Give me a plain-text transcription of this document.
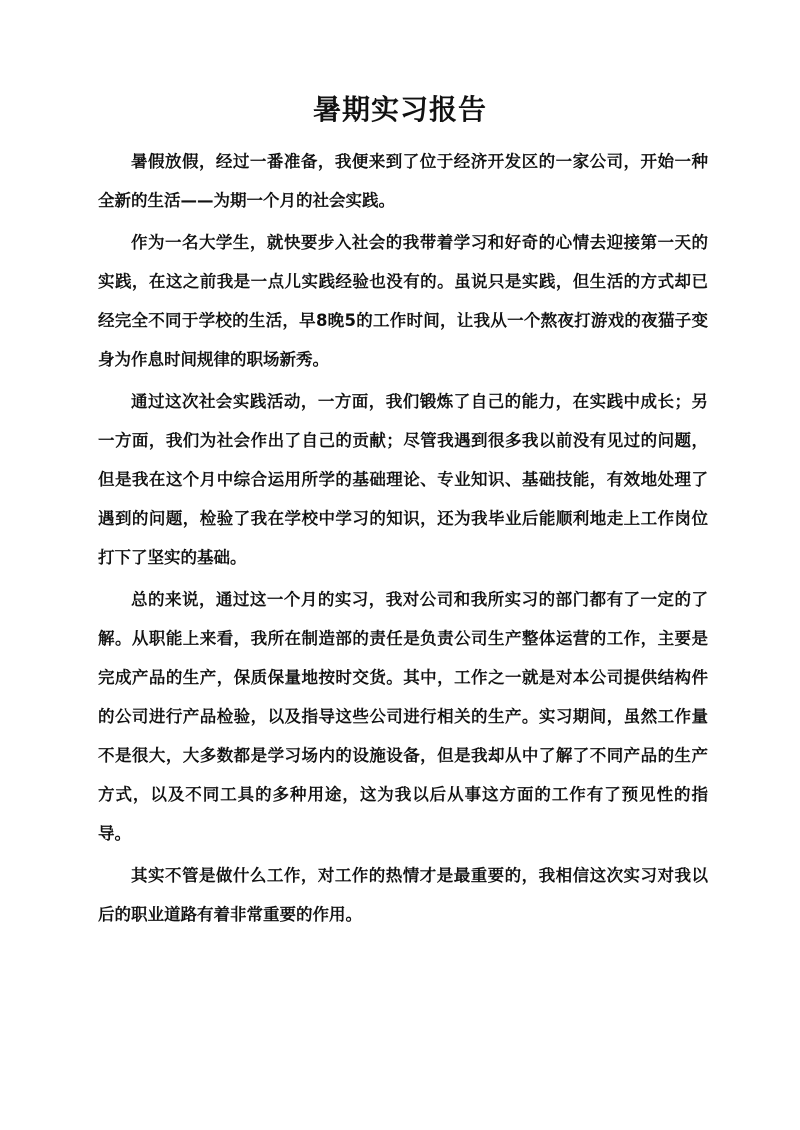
暑期实习报告

暑假放假，经过一番准备，我便来到了位于经济开发区的一家公司，开始一种全新的生活——为期一个月的社会实践。

作为一名大学生，就快要步入社会的我带着学习和好奇的心情去迎接第一天的实践，在这之前我是一点儿实践经验也没有的。虽说只是实践，但生活的方式却已经完全不同于学校的生活，早8晚5的工作时间，让我从一个熬夜打游戏的夜猫子变身为作息时间规律的职场新秀。

通过这次社会实践活动，一方面，我们锻炼了自己的能力，在实践中成长；另一方面，我们为社会作出了自己的贡献；尽管我遇到很多我以前没有见过的问题，但是我在这个月中综合运用所学的基础理论、专业知识、基础技能，有效地处理了遇到的问题，检验了我在学校中学习的知识，还为我毕业后能顺利地走上工作岗位打下了坚实的基础。

总的来说，通过这一个月的实习，我对公司和我所实习的部门都有了一定的了解。从职能上来看，我所在制造部的责任是负责公司生产整体运营的工作，主要是完成产品的生产，保质保量地按时交货。其中，工作之一就是对本公司提供结构件的公司进行产品检验，以及指导这些公司进行相关的生产。实习期间，虽然工作量不是很大，大多数都是学习场内的设施设备，但是我却从中了解了不同产品的生产方式，以及不同工具的多种用途，这为我以后从事这方面的工作有了预见性的指导。

其实不管是做什么工作，对工作的热情才是最重要的，我相信这次实习对我以后的职业道路有着非常重要的作用。
